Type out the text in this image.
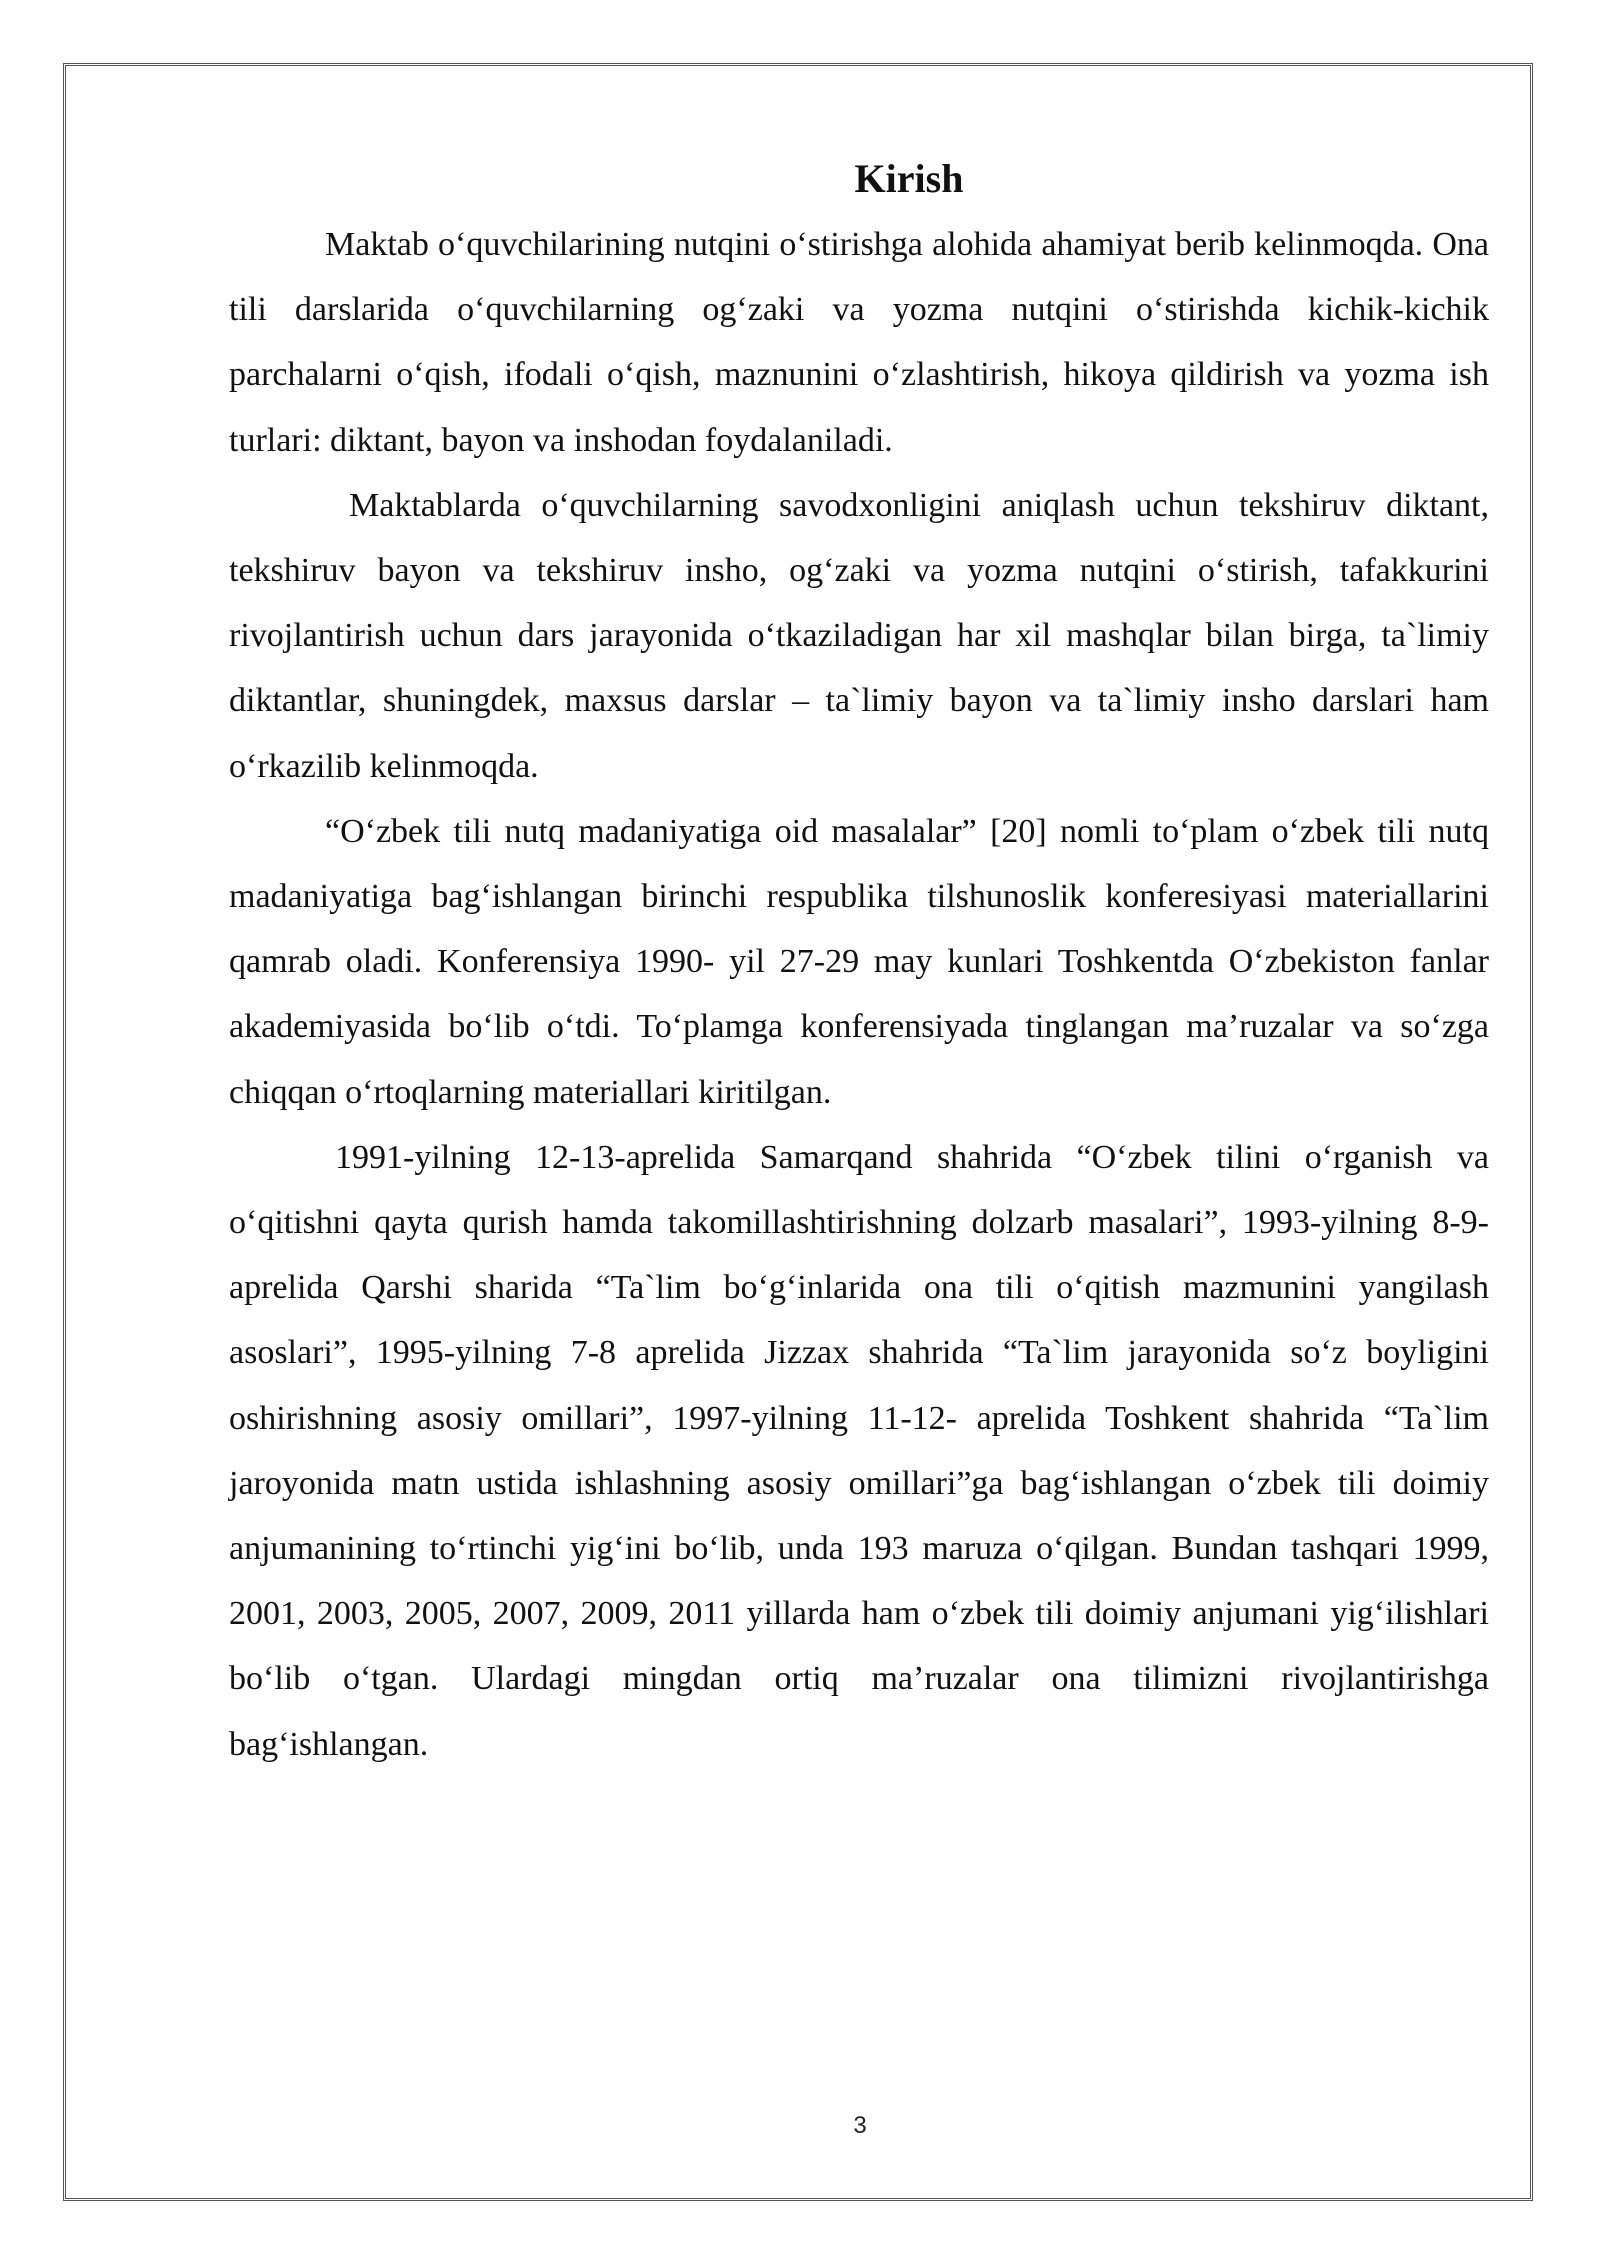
Kirish

Maktab o‘quvchilarining nutqini o‘stirishga alohida ahamiyat berib kelinmoqda. Ona tili darslarida o‘quvchilarning og‘zaki va yozma nutqini o‘stirishda kichik-kichik parchalarni o‘qish, ifodali o‘qish, maznunini o‘zlashtirish, hikoya qildirish va yozma ish turlari: diktant, bayon va inshodan foydalaniladi.

Maktablarda o‘quvchilarning savodxonligini aniqlash uchun tekshiruv diktant, tekshiruv bayon va tekshiruv insho, og‘zaki va yozma nutqini o‘stirish, tafakkurini rivojlantirish uchun dars jarayonida o‘tkaziladigan har xil mashqlar bilan birga, ta`limiy diktantlar, shuningdek, maxsus darslar – ta`limiy bayon va ta`limiy insho darslari ham o‘rkazilib kelinmoqda.

“O‘zbek tili nutq madaniyatiga oid masalalar” [20] nomli to‘plam o‘zbek tili nutq madaniyatiga bag‘ishlangan birinchi respublika tilshunoslik konferesiyasi materiallarini qamrab oladi. Konferensiya 1990- yil 27-29 may kunlari Toshkentda O‘zbekiston fanlar akademiyasida bo‘lib o‘tdi. To‘plamga konferensiyada tinglangan ma’ruzalar va so‘zga chiqqan o‘rtoqlarning materiallari kiritilgan.

1991-yilning 12-13-aprelida Samarqand shahrida “O‘zbek tilini o‘rganish va o‘qitishni qayta qurish hamda takomillashtirishning dolzarb masalari”, 1993-yilning 8-9-aprelida Qarshi sharida “Ta`lim bo‘g‘inlarida ona tili o‘qitish mazmunini yangilash asoslari”, 1995-yilning 7-8 aprelida Jizzax shahrida “Ta`lim jarayonida so‘z boyligini oshirishning asosiy omillari”, 1997-yilning 11-12- aprelida Toshkent shahrida “Ta`lim jaroyonida matn ustida ishlashning asosiy omillari”ga bag‘ishlangan o‘zbek tili doimiy anjumanining to‘rtinchi yig‘ini bo‘lib, unda 193 maruza o‘qilgan. Bundan tashqari 1999, 2001, 2003, 2005, 2007, 2009, 2011 yillarda ham o‘zbek tili doimiy anjumani yig‘ilishlari bo‘lib o‘tgan. Ulardagi mingdan ortiq ma’ruzalar ona tilimizni rivojlantirishga bag‘ishlangan.

3
